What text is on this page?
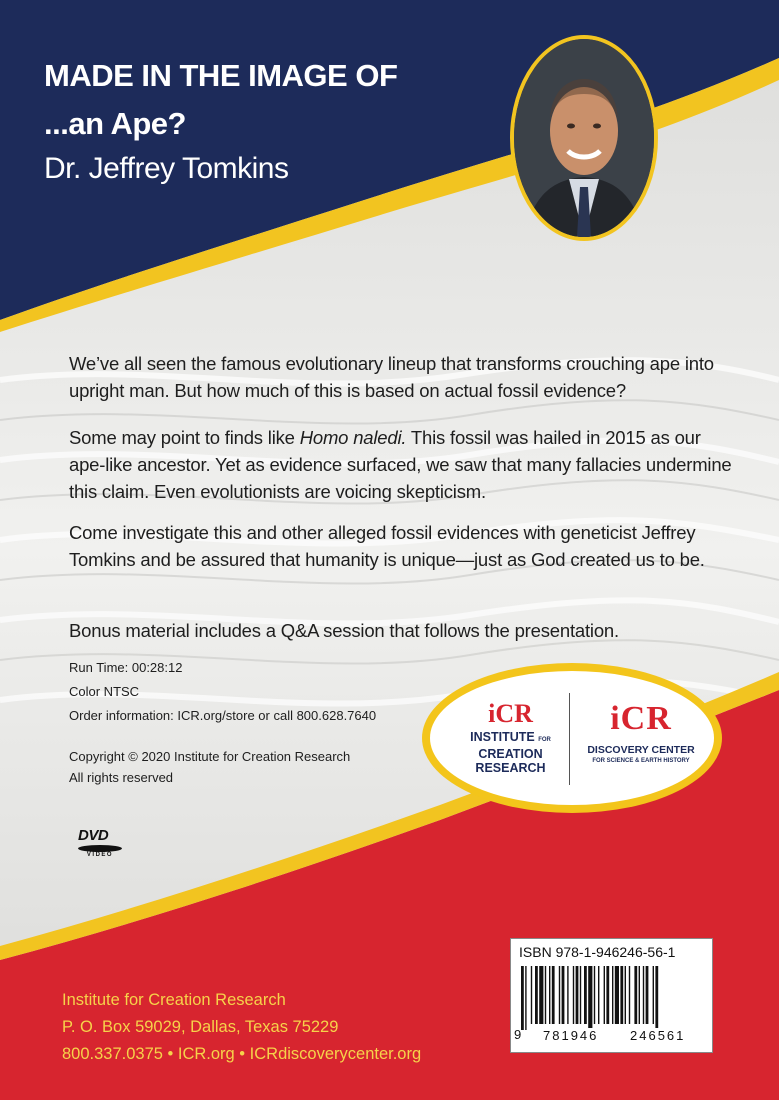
MADE IN THE IMAGE OF
...an Ape?
Dr. Jeffrey Tomkins
We’ve all seen the famous evolutionary lineup that transforms crouching ape into upright man. But how much of this is based on actual fossil evidence?
Some may point to finds like Homo naledi. This fossil was hailed in 2015 as our ape-like ancestor. Yet as evidence surfaced, we saw that many fallacies undermine this claim. Even evolutionists are voicing skepticism.
Come investigate this and other alleged fossil evidences with geneticist Jeffrey Tomkins and be assured that humanity is unique—just as God created us to be.
Bonus material includes a Q&A session that follows the presentation.
Run Time: 00:28:12
Color NTSC
Order information: ICR.org/store or call 800.628.7640
Copyright © 2020 Institute for Creation Research
All rights reserved
DVD
VIDEO
iCR
INSTITUTE FOR
CREATION
RESEARCH
iCR
DISCOVERY CENTER
FOR SCIENCE & EARTH HISTORY
Institute for Creation Research
P. O. Box 59029, Dallas, Texas 75229
800.337.0375 • ICR.org • ICRdiscoverycenter.org
ISBN 978-1-946246-56-1
9 781946 246561
